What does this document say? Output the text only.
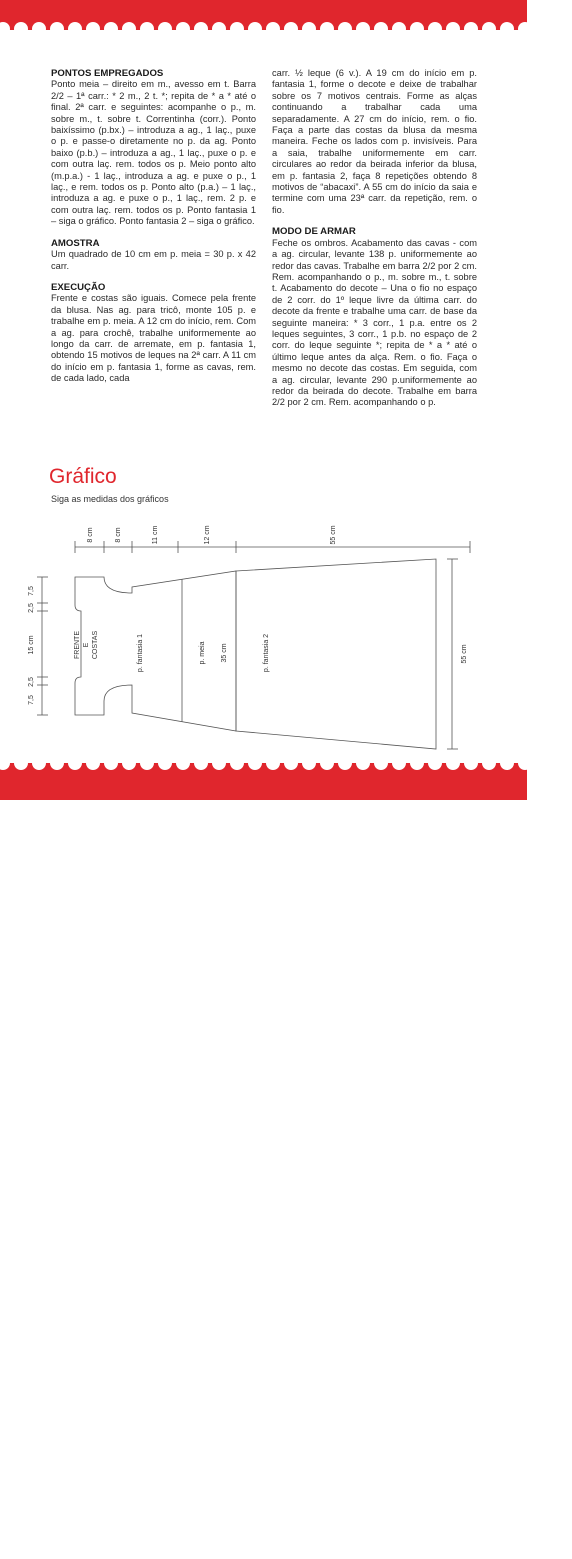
PONTOS EMPREGADOS

Ponto meia – direito em m., avesso em t. Barra 2/2 – 1ª carr.: * 2 m., 2 t. *; repita de * a * até o final. 2ª carr. e seguintes: acompanhe o p., m. sobre m., t. sobre t. Correntinha (corr.). Ponto baixíssimo (p.bx.) – introduza a ag., 1 laç., puxe o p. e passe-o diretamente no p. da ag. Ponto baixo (p.b.) – introduza a ag., 1 laç., puxe o p. e com outra laç. rem. todos os p. Meio ponto alto (m.p.a.) - 1 laç., introduza a ag. e puxe o p., 1 laç., e rem. todos os p. Ponto alto (p.a.) – 1 laç., introduza a ag. e puxe o p., 1 laç., rem. 2 p. e com outra laç. rem. todos os p. Ponto fantasia 1 – siga o gráfico. Ponto fantasia 2 – siga o gráfico.

AMOSTRA

Um quadrado de 10 cm em p. meia = 30 p. x 42 carr.

EXECUÇÃO

Frente e costas são iguais. Comece pela frente da blusa. Nas ag. para tricô, monte 105 p. e trabalhe em p. meia. A 12 cm do início, rem. Com a ag. para crochê, trabalhe uniformemente ao longo da carr. de arremate, em p. fantasia 1, obtendo 15 motivos de leques na 2ª carr. A 11 cm do início em p. fantasia 1, forme as cavas, rem. de cada lado, cada

carr. ½ leque (6 v.). A 19 cm do início em p. fantasia 1, forme o decote e deixe de trabalhar sobre os 7 motivos centrais. Forme as alças continuando a trabalhar cada uma separadamente. A 27 cm do início, rem. o fio. Faça a parte das costas da blusa da mesma maneira. Feche os lados com p. invisíveis. Para a saia, trabalhe uniformemente em carr. circulares ao redor da beirada inferior da blusa, em p. fantasia 2, faça 8 repetições obtendo 8 motivos de “abacaxi”. A 55 cm do início da saia e termine com uma 23ª carr. da repetição, rem. o fio.

MODO DE ARMAR

Feche os ombros. Acabamento das cavas - com a ag. circular, levante 138 p. uniformemente ao redor das cavas. Trabalhe em barra 2/2 por 2 cm. Rem. acompanhando o p., m. sobre m., t. sobre t. Acabamento do decote – Una o fio no espaço de 2 corr. do 1º leque livre da última carr. do decote da frente e trabalhe uma carr. de base da seguinte maneira: * 3 corr., 1 p.a. entre os 2 leques seguintes, 3 corr., 1 p.b. no espaço de 2 corr. do leque seguinte *; repita de * a * até o último leque antes da alça. Rem. o fio. Faça o mesmo no decote das costas. Em seguida, com a ag. circular, levante 290 p.uniformemente ao redor da beirada do decote. Trabalhe em barra 2/2 por 2 cm. Rem. acompanhando o p.

Gráfico
Siga as medidas dos gráficos
8 cm	8 cm	11 cm	12 cm	55 cm
7,5
2,5
15 cm
2,5
7,5
55 cm
FRENTE E COSTAS	p. fantasia 1	p. meia 35 cm	p. fantasia 2
29
PassionForum.ru
